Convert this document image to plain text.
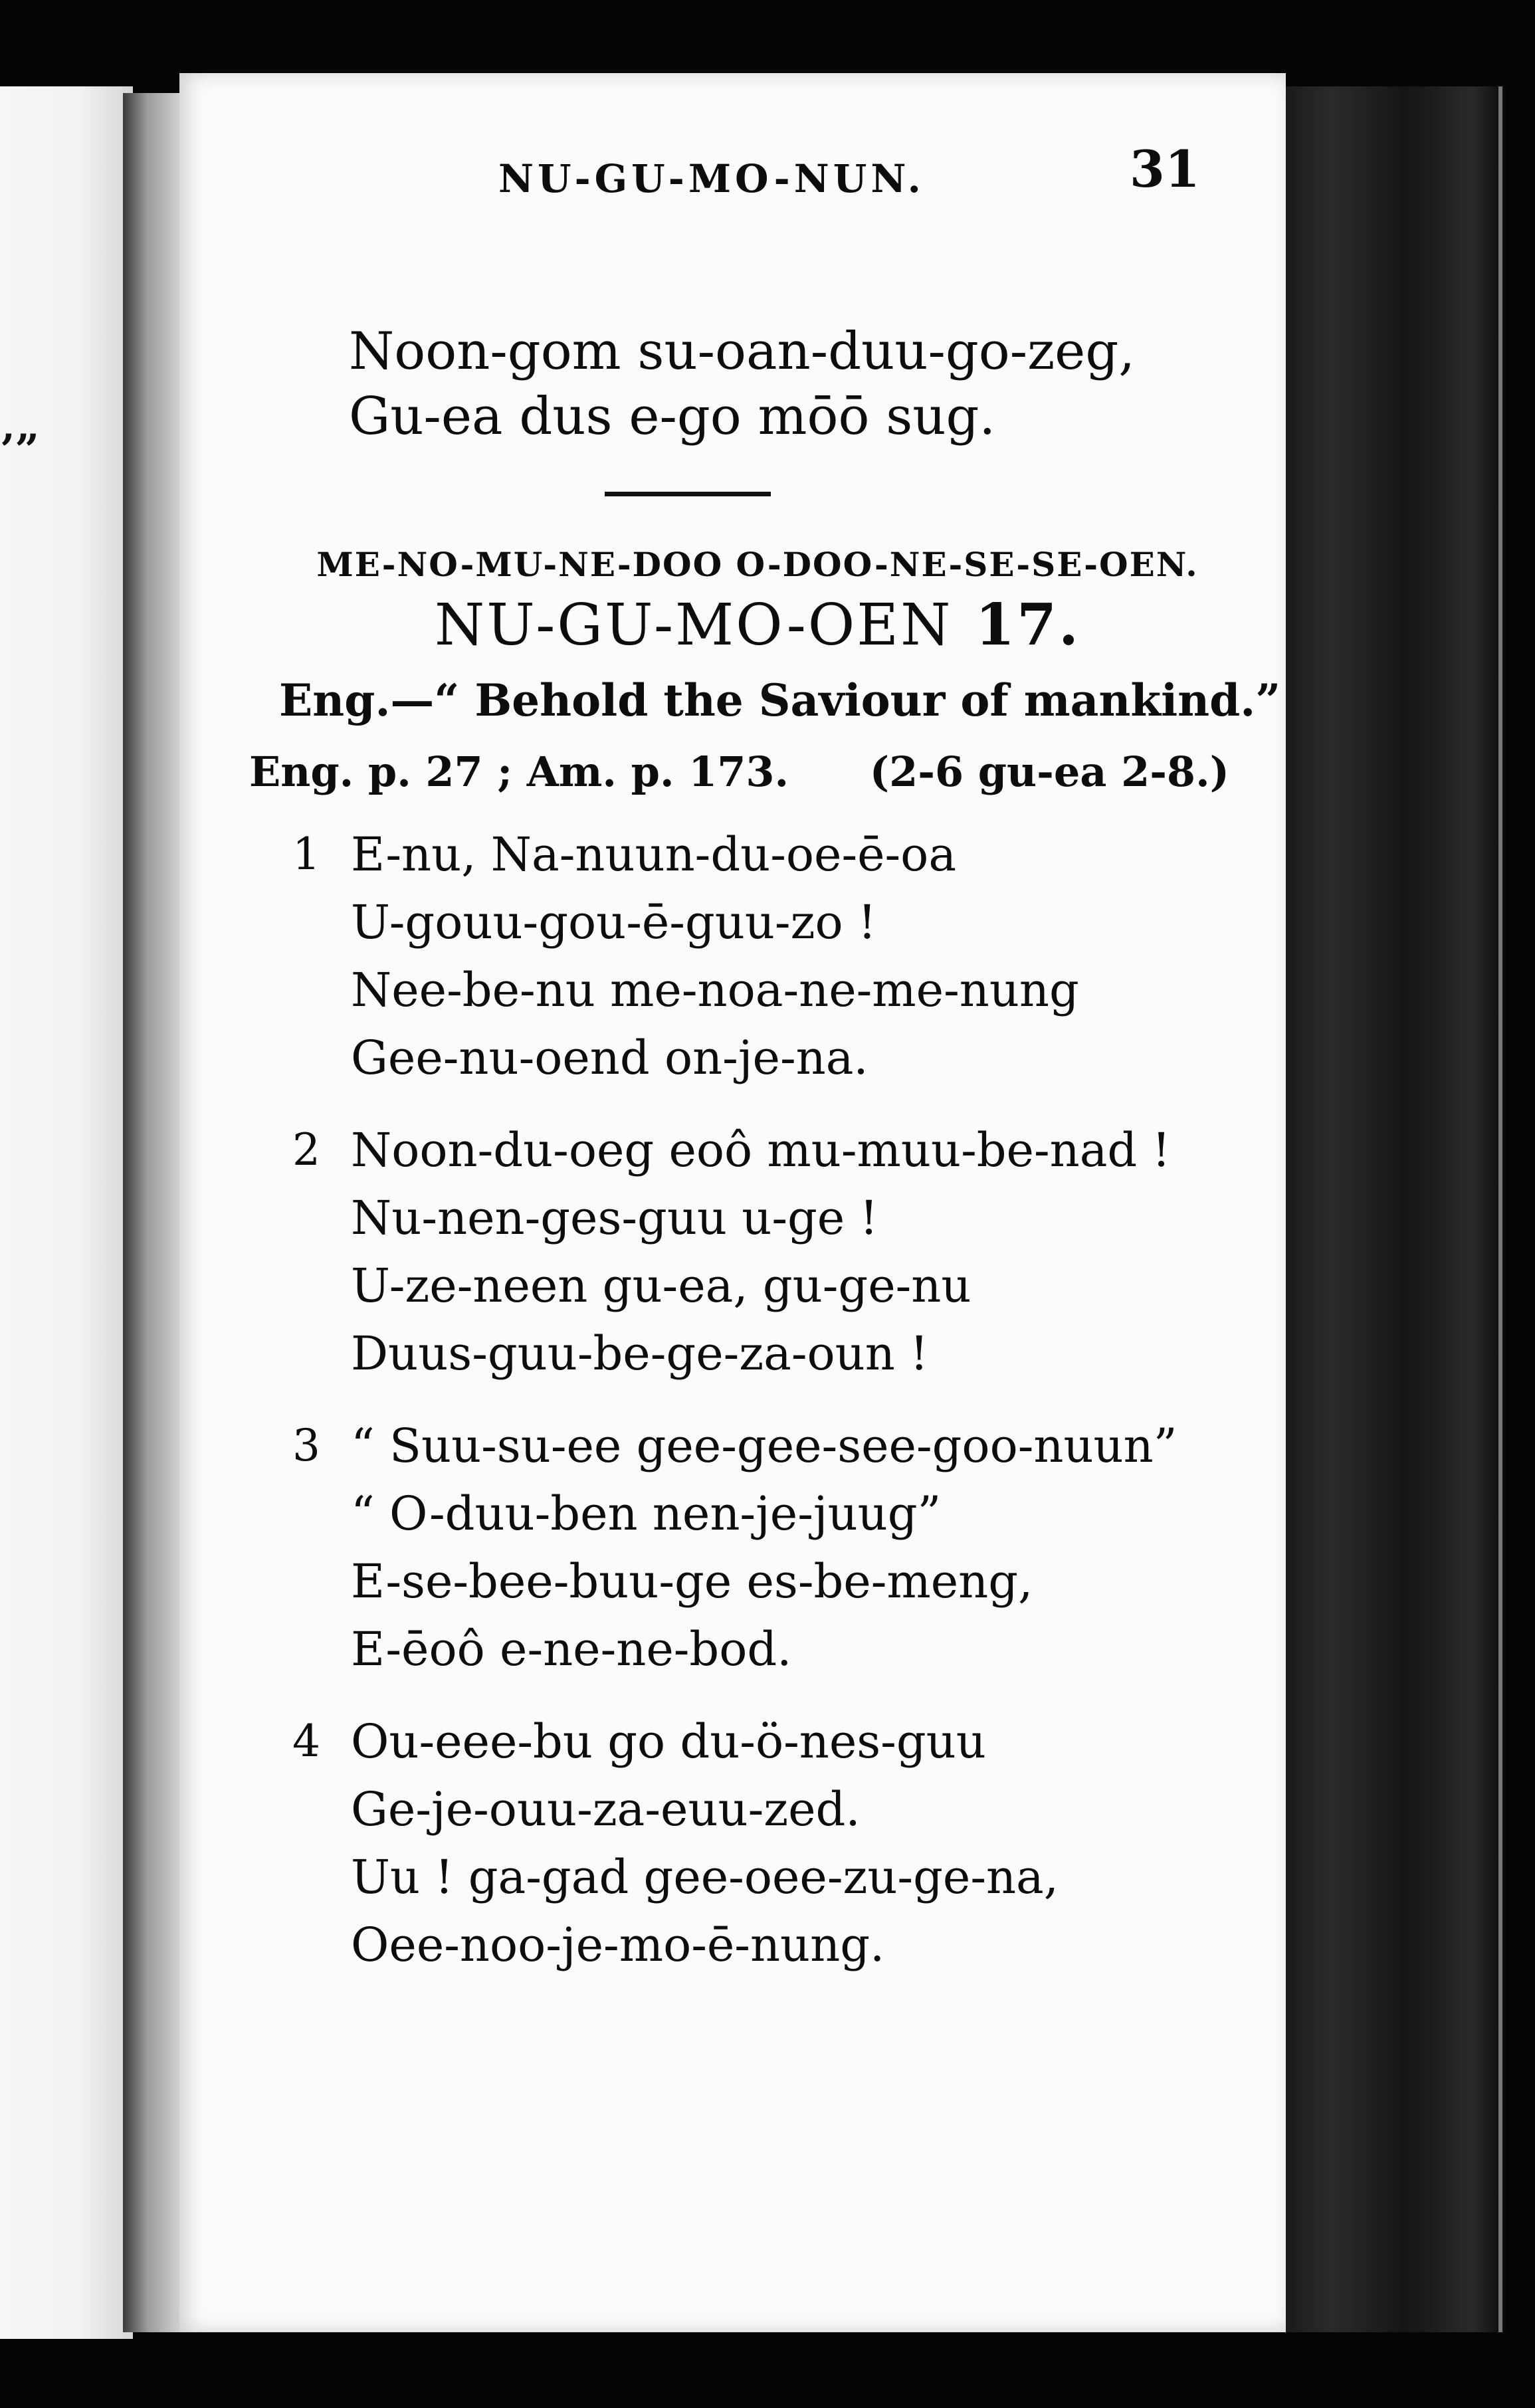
’”
NU-GU-MO-NUN.	31
Noon-gom su-oan-duu-go-zeg,
Gu-ea dus e-go mōō sug.
ME-NO-MU-NE-DOO O-DOO-NE-SE-SE-OEN.
NU-GU-MO-OEN 17.
Eng.—“ Behold the Saviour of mankind.”
Eng. p. 27 ; Am. p. 173. (2-6 gu-ea 2-8.)
1 E-nu, Na-nuun-du-oe-ē-oa
U-gouu-gou-ē-guu-zo !
Nee-be-nu me-noa-ne-me-nung
Gee-nu-oend on-je-na.
2 Noon-du-oeg eoô mu-muu-be-nad !
Nu-nen-ges-guu u-ge !
U-ze-neen gu-ea, gu-ge-nu
Duus-guu-be-ge-za-oun !
3 “ Suu-su-ee gee-gee-see-goo-nuun”
“ O-duu-ben nen-je-juug”
E-se-bee-buu-ge es-be-meng,
E-ēoô e-ne-ne-bod.
4 Ou-eee-bu go du-ö-nes-guu
Ge-je-ouu-za-euu-zed.
Uu ! ga-gad gee-oee-zu-ge-na,
Oee-noo-je-mo-ē-nung.
